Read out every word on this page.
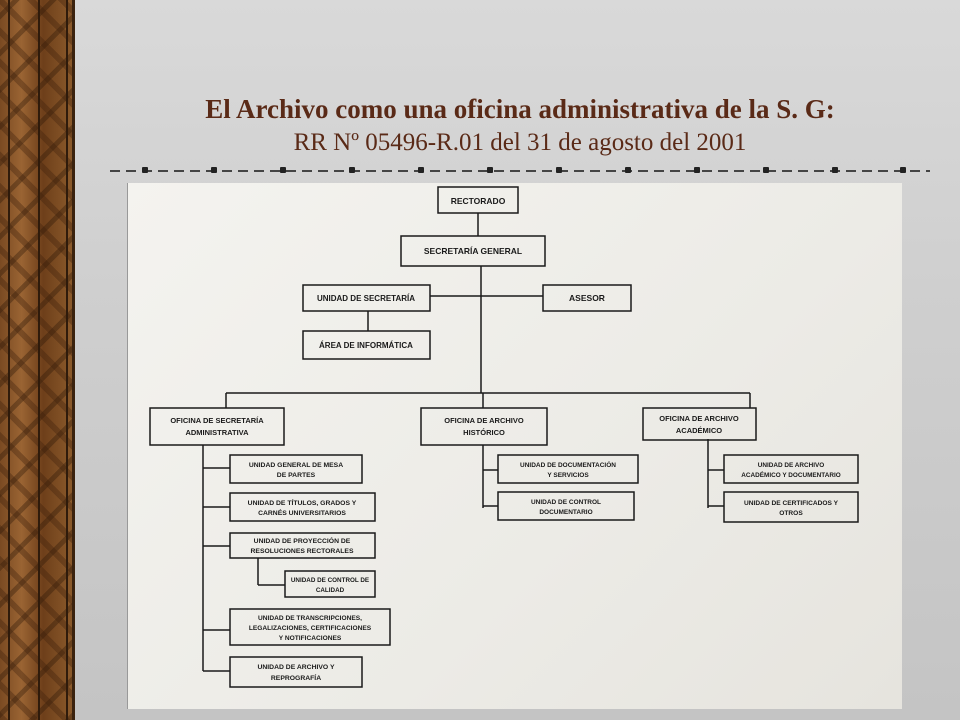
El Archivo como una oficina administrativa de la S. G:
RR Nº 05496-R.01 del 31 de agosto del 2001
RECTORADO
SECRETARÍA GENERAL
UNIDAD DE SECRETARÍA	ASESOR
ÁREA DE INFORMÁTICA
OFICINA DE SECRETARÍA
ADMINISTRATIVA
OFICINA DE ARCHIVO
HISTÓRICO
OFICINA DE ARCHIVO
ACADÉMICO
UNIDAD GENERAL DE MESA
DE PARTES
UNIDAD DE TÍTULOS, GRADOS Y
CARNÉS UNIVERSITARIOS
UNIDAD DE PROYECCIÓN DE
RESOLUCIONES RECTORALES
UNIDAD DE CONTROL DE
CALIDAD
UNIDAD DE TRANSCRIPCIONES,
LEGALIZACIONES, CERTIFICACIONES
Y NOTIFICACIONES
UNIDAD DE ARCHIVO Y
REPROGRAFÍA
UNIDAD DE DOCUMENTACIÓN
Y SERVICIOS
UNIDAD DE CONTROL
DOCUMENTARIO
UNIDAD DE ARCHIVO
ACADÉMICO Y DOCUMENTARIO
UNIDAD DE CERTIFICADOS Y
OTROS
